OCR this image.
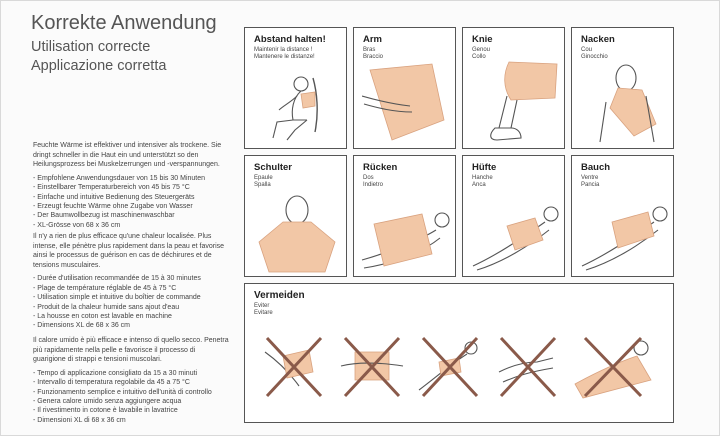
Korrekte Anwendung
Utilisation correcte
Applicazione corretta

Feuchte Wärme ist effektiver und intensiver als trockene. Sie dringt schneller in die Haut ein und unterstützt so den Heilungsprozess bei Muskelzerrungen und -verspannungen.

- Empfohlene Anwendungsdauer von 15 bis 30 Minuten
- Einstellbarer Temperaturbereich von 45 bis 75 °C
- Einfache und intuitive Bedienung des Steuergeräts
- Erzeugt feuchte Wärme ohne Zugabe von Wasser
- Der Baumwollbezug ist maschinenwaschbar
- XL-Grösse von 68 x 36 cm

Il n'y a rien de plus efficace qu'une chaleur localisée. Plus intense, elle pénètre plus rapidement dans la peau et favorise ainsi le processus de guérison en cas de déchirures et de tensions musculaires.

- Durée d'utilisation recommandée de 15 à 30 minutes
- Plage de température réglable de 45 à 75 °C
- Utilisation simple et intuitive du boîtier de commande
- Produit de la chaleur humide sans ajout d'eau
- La housse en coton est lavable en machine
- Dimensions XL de 68 x 36 cm

Il calore umido è più efficace e intenso di quello secco. Penetra più rapidamente nella pelle e favorisce il processo di guarigione di strappi e tensioni muscolari.

- Tempo di applicazione consigliato da 15 a 30 minuti
- Intervallo di temperatura regolabile da 45 a 75 °C
- Funzionamento semplice e intuitivo dell'unità di controllo
- Genera calore umido senza aggiungere acqua
- Il rivestimento in cotone è lavabile in lavatrice
- Dimensioni XL di 68 x 36 cm
Abstand halten!
Maintenir la distance !
Mantenere le distanze!
Arm
Bras
Braccio
Knie
Genou
Collo
Nacken
Cou
Ginocchio
Schulter
Epaule
Spalla
Rücken
Dos
Indietro
Hüfte
Hanche
Anca
Bauch
Ventre
Pancia
Vermeiden
Eviter
Evitare
